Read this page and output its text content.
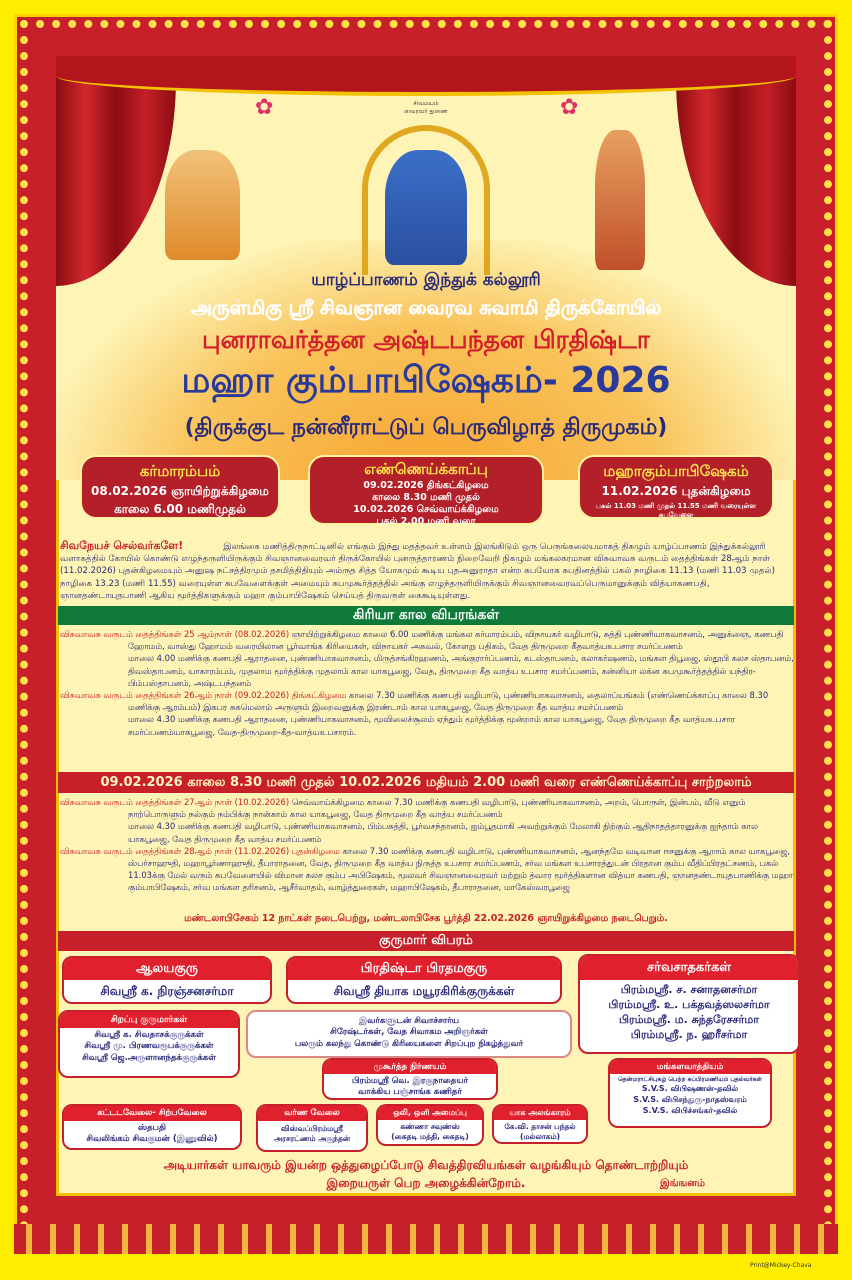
✿	✿
சிவமயம்
வைரவர் துணை
யாழ்ப்பாணம் இந்துக் கல்லூரி
அருள்மிகு ஸ்ரீ சிவஞான வைரவ சுவாமி திருக்கோயில்
புனராவர்த்தன அஷ்டபந்தன பிரதிஷ்டா
மஹா கும்பாபிஷேகம்- 2026
(திருக்குட நன்னீராட்டுப் பெருவிழாத் திருமுகம்)
கர்மாரம்பம்
08.02.2026 ஞாயிற்றுக்கிழமை
காலை 6.00 மணிமுதல்
எண்ணெய்க்காப்பு
09.02.2026 திங்கட்கிழமை
காலை 8.30 மணி முதல்
10.02.2026 செவ்வாய்க்கிழமை
பகல் 2.00 மணி வரை
மஹாகும்பாபிஷேகம்
11.02.2026 புதன்கிழமை
பகல் 11.03 மணி முதல் 11.55 மணி வரையுள்ள சுபவேளை
சிவநேயச் செல்வர்களே!	இலங்கை மணித்திருநாட்டினில் எங்கும் இந்து மதத்தவர் உள்ளம் இலங்கிடும் ஒரு பெருங்கலையமாகத் திகழும் யாழ்ப்பாணம் இந்துக்கல்லூரி வளாகத்தில் கோயில் கொண்டு எழுந்தருளியிருக்கும் சிவஞானவைரவர் திருக்கோயில் புனருத்தாரணம் நிறைவேறி நிகழும் மங்கலகரமான விசுவாவசு வருடம் தைத்திங்கள் 28ஆம் நாள் (11.02.2026) புதன்கிழமையும் அனுஷ நட்சத்திரமும் தசமித்திதியும் அம்ருத சித்த யோகமும் கூடிய புதஅனுராதா என்ற சுபயோக சுபதினத்தில் பகல் நாழிகை 11.13 (மணி 11.03 முதல்) நாழிகை 13.23 (மணி 11.55) வரையுள்ள சுபவேளைக்குள் அமையும் சுபமுகூர்த்தத்தில் அங்கு எழுந்தருளியிருக்கும் சிவஞானவைரவப்பெருமானுக்கும் வித்யாகணபதி, ஞானதண்டாயுதபாணி ஆகிய மூர்த்திகளுக்கும் மஹா கும்பாபிஷேகம் செய்யத் திருவருள் கைகூடியுள்ளது.
கிரியா கால விபரங்கள்

விசுவாவசு வருடம் தைத்திங்கள் 25 ஆம்நாள் (08.02.2026) ஞாயிற்றுக்கிழமை காலை 6.00 மணிக்கு மங்கல கர்மாரம்பம், விநாயகர் வழிபாடு, சுத்தி புண்ணியாகவாசனம், அனுக்ஞை, கணபதி ஹோமம், வாஸ்து ஹோமம் வரையிலான பூர்வாங்க கிரியைகள், விநாயகர் அகவல், கோளறு பதிகம், வேத திருமுறை கீதவாத்யஉபசார சமர்ப்பணம்

மாலை 4.00 மணிக்கு கணபதி ஆராதனை, புண்ணியாகவாசனம், மிருத்சங்கிரஹணம், அங்குரார்ப்பணம், கடஸ்தாபனம், கலாகர்ஷணம், மங்கள திபூஜை, ஸ்தூபி கலச ஸ்தாபனம், திவஸ்தாபனம், யாகாரம்பம், முதலாம மூர்த்திக்கு முதலாம் கால யாகபூஜை, வேத, திருமுறை கீத வாத்ய உபசார சமர்ப்பணம், கன்னியா லக்ன சுபமுகூர்த்தத்தில் யந்திர- பிம்பஸ்தாபனம், அஷ்டபந்தனம்

விசுவாவசு வருடம் தைத்திங்கள் 26ஆம் நாள் (09.02.2026) திங்கட்கிழமை காலை 7.30 மணிக்கு கணபதி வழிபாடு, புண்ணியாகவாசனம், தைலாப்யங்கம் (எண்ணெய்க்காப்பு காலை 8.30 மணிக்கு ஆரம்பம்) இகபர சுகமெலாம் அருளும் இறைவனுக்கு இரண்டாம் கால யாகபூஜை, வேத திருமுறை கீத வாத்ய சமர்ப்பணம்

மாலை 4.30 மணிக்கு கணபதி ஆராதனை, புண்ணியாகவாசனம், மூவிலைச்சூலம் ஏந்தும் மூர்த்திக்கு மூன்றாம் கால யாகபூஜை, வேத திருமுறை கீத வாத்யஉபசார சமர்ப்பணம்யாகபூஜை, வேத-திருமுறை-கீத-வாத்யஉபசாரம்.

09.02.2026 காலை 8.30 மணி முதல் 10.02.2026 மதியம் 2.00 மணி வரை எண்ணெய்க்காப்பு சாற்றலாம்

விசுவாவசு வருடம் தைத்திங்கள் 27ஆம் நாள் (10.02.2026) செவ்வாய்க்கிழமை காலை 7.30 மணிக்கு கணபதி வழிபாடு, புண்ணியாகவாசனம், அறம், பொருள், இன்பம், வீடு எனும் நாற்பொருளும் நல்கும் நம்பிக்கு நான்காம் கால யாகபூஜை, வேத திருமுறை கீத வாத்ய சமர்ப்பணம்

மாலை 4.30 மணிக்கு கணபதி வழிபாடு, புண்ணியாகவாசனம், பிம்பசுத்தி, பூர்வசந்தானம், ஐம்பூதமாகி அவற்றுக்கும் மேலாகி நிற்கும் ஆதிநாதத்தாரனுக்கு ஐந்தாம் கால யாகபூஜை, வேத திருமுறை கீத வாத்ய சமர்ப்பணம்

விசுவாவசு வருடம் தைத்திங்கள் 28ஆம் நாள் (11.02.2026) புதன்கிழமை காலை 7.30 மணிக்கு கணபதி வழிபாடு, புண்ணியாகவாசனம், ஆனந்தமே வடிவான ஈசனுக்கு ஆறாம் கால யாகபூஜை, ஸ்பர்சாஹுதி, மஹாபூர்ணாஹுதி, தீபாராதனை, வேத, திருமுறை கீத வாத்ய நிருத்த உபசார சமர்ப்பணம், சர்வ மங்கள உபசாரத்துடன் பிரதான கும்ப வீதிப்பிரதட்சணம், பகல் 11.03க்கு மேல் வரும் சுபவேளையில் விமான கலச கும்ப அபிஷேகம், மூலவர் சிவஞானவைரவர் மற்றும் த்வார மூர்த்திகளான வித்யா கணபதி, ஞானதண்டாயுதபாணிக்கு மஹா கும்பாபிஷேகம், சர்வ மங்கள தரிசனம், ஆசீர்வாதம், வாழ்த்துரைகள், மஹாபிஷேகம், தீபாராதனை, மாகேஸ்வரபூஜை

மண்டலாபிசேகம் 12 நாட்கள் நடைபெற்று, மண்டலாபிசேக பூர்த்தி 22.02.2026 ஞாயிறுக்கிழமை நடைபெறும்.
குருமார் விபரம்
ஆலயகுரு
சிவஸ்ரீ க. நிரஞ்சனசர்மா
பிரதிஷ்டா பிரதமகுரு
சிவஸ்ரீ தியாக மயூரகிரிக்குருக்கள்
சர்வசாதகர்கள்
பிரம்மஸ்ரீ. ச. சனாதனசர்மா
பிரம்மஸ்ரீ. உ. பக்தவத்ஸலசர்மா
பிரம்மஸ்ரீ. ம. சுந்தரேசசர்மா
பிரம்மஸ்ரீ. ந. ஹரீசர்மா
சிறப்பு குருமார்கள்
சிவஸ்ரீ க. சிவதாசக்குருக்கள்
சிவஸ்ரீ மு. பிரணவரூபக்குருக்கள்
சிவஸ்ரீ ஜெ.அருளானந்தக்குருக்கள்
இவர்களுடன் சிவாச்சார்ய
சிரேஷ்டர்கள், வேத சிவாகம அறிஞர்கள்
பலரும் கலந்து கொண்டு கிரியைகளை சிறப்புற நிகழ்த்துவர்
முகூர்த்த நிர்ணயம்
பிரம்மஸ்ரீ வெ. இரகுநாதையர்
வாக்கிய பஞ்சாங்க கணிதர்
மங்களவாத்தியம்
தென்மராட்சிபுகழ் பெற்ற சுப்பிரமணியம் புதல்வர்கள்
S.V.S. விபிஷணன்-தவில்
S.V.S. விபிசந்துரு-நாதஸ்வரம்
S.V.S. விபிச்சங்கர்-தவில்
கட்டடவேலை- சிற்பவேலை
ஸ்தபதி
சிவலிங்கம் சிவகுமன் (இணுவில்)
வர்ண வேலை
விஸ்வப்பிரம்மஸ்ரீ
அரசரட்ணம் அகுந்தன்
ஒலி, ஒளி அமைப்பு
கண்ணா சவுண்ஸ்
(கைதடி மத்தி, கைதடி)
யாக அலங்காரம்
கே.வி. தாசன் பந்தல்
(மல்லாகம்)
அடியார்கள் யாவரும் இயன்ற ஒத்துழைப்போடு சிவத்திரவியங்கள் வழங்கியும் தொண்டாற்றியும்
இறையருள் பெற அழைக்கின்றோம்.	இங்ஙனம்
யாழ்ப்பாணம்	"மேன்மை கொள் சைவ நீதி விளங்குக உலகமெல்லாம்"	யாழ்ப்பாணம் இந்துக் கல்லூரிச்சமூகம்
Print@Mickey-Chava
